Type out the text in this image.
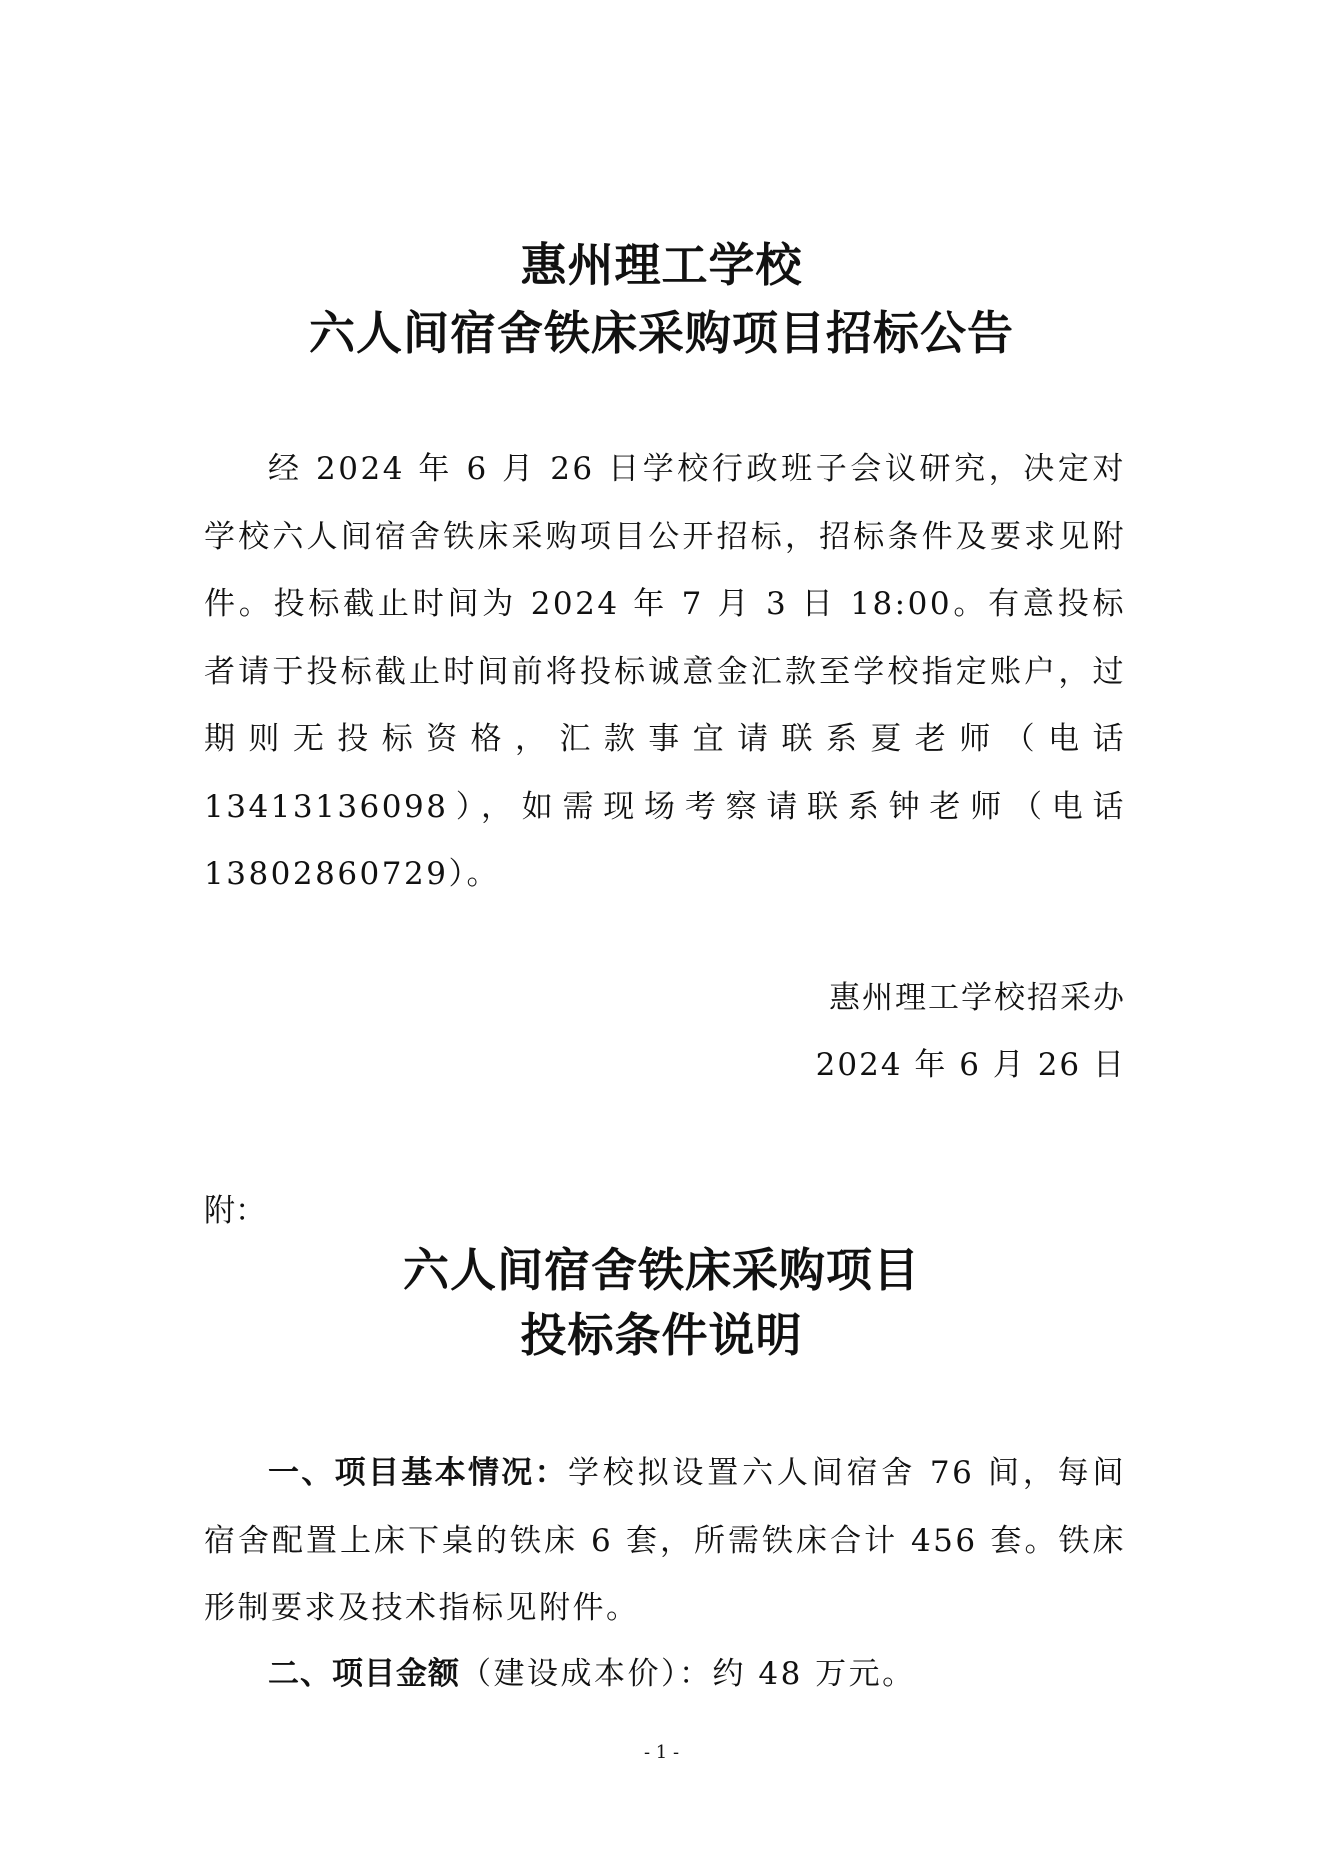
惠州理工学校
六人间宿舍铁床采购项目招标公告

经 2024 年 6 月 26 日学校行政班子会议研究，决定对学校六人间宿舍铁床采购项目公开招标，招标条件及要求见附件。投标截止时间为 2024 年 7 月 3 日 18:00。有意投标者请于投标截止时间前将投标诚意金汇款至学校指定账户，过期则无投标资格，汇款事宜请联系夏老师（电话 13413136098），如需现场考察请联系钟老师（电话 13802860729）。

惠州理工学校招采办

2024 年 6 月 26 日

附：

六人间宿舍铁床采购项目
投标条件说明

一、项目基本情况：学校拟设置六人间宿舍 76 间，每间宿舍配置上床下桌的铁床 6 套，所需铁床合计 456 套。铁床形制要求及技术指标见附件。

二、项目金额（建设成本价）：约 48 万元。

- 1 -
